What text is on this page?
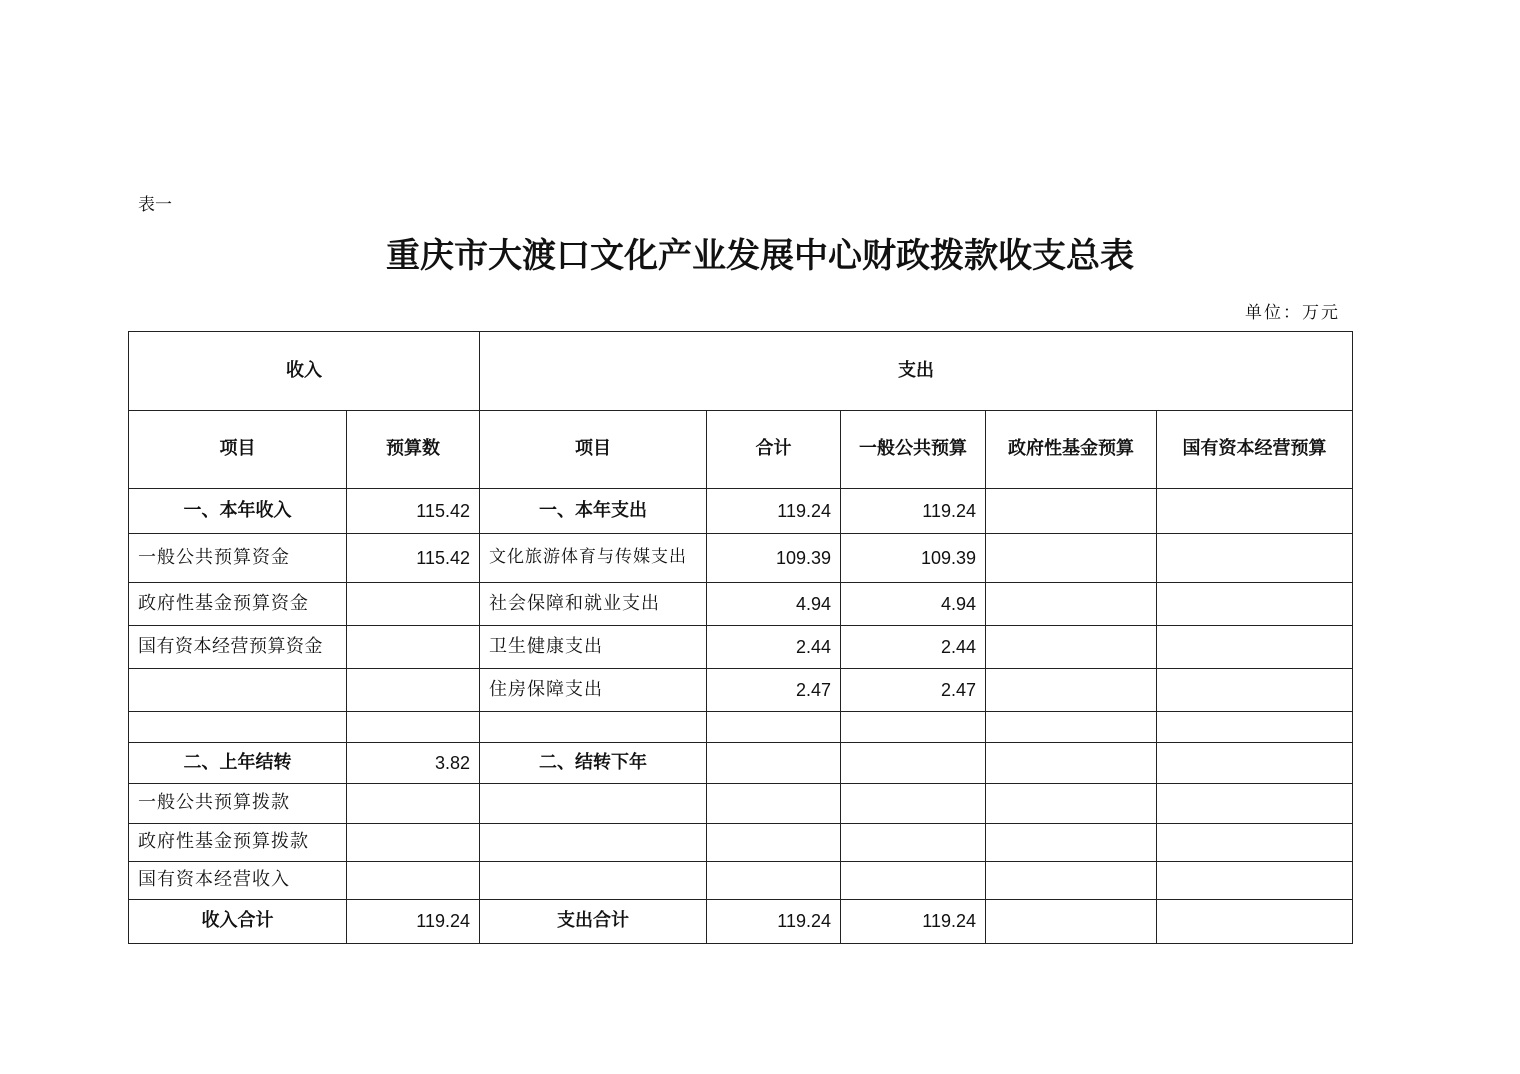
表一
重庆市大渡口文化产业发展中心财政拨款收支总表
单位：万元
收入		支出				
项目	预算数	项目	合计	一般公共预算	政府性基金预算	国有资本经营预算
一、本年收入	115.42	一、本年支出	119.24	119.24		
一般公共预算资金	115.42	文化旅游体育与传媒支出	109.39	109.39		
政府性基金预算资金		社会保障和就业支出	4.94	4.94		
国有资本经营预算资金		卫生健康支出	2.44	2.44		
		住房保障支出	2.47	2.47		

二、上年结转	3.82	二、结转下年				
一般公共预算拨款						
政府性基金预算拨款						
国有资本经营收入						
收入合计	119.24	支出合计	119.24	119.24		
